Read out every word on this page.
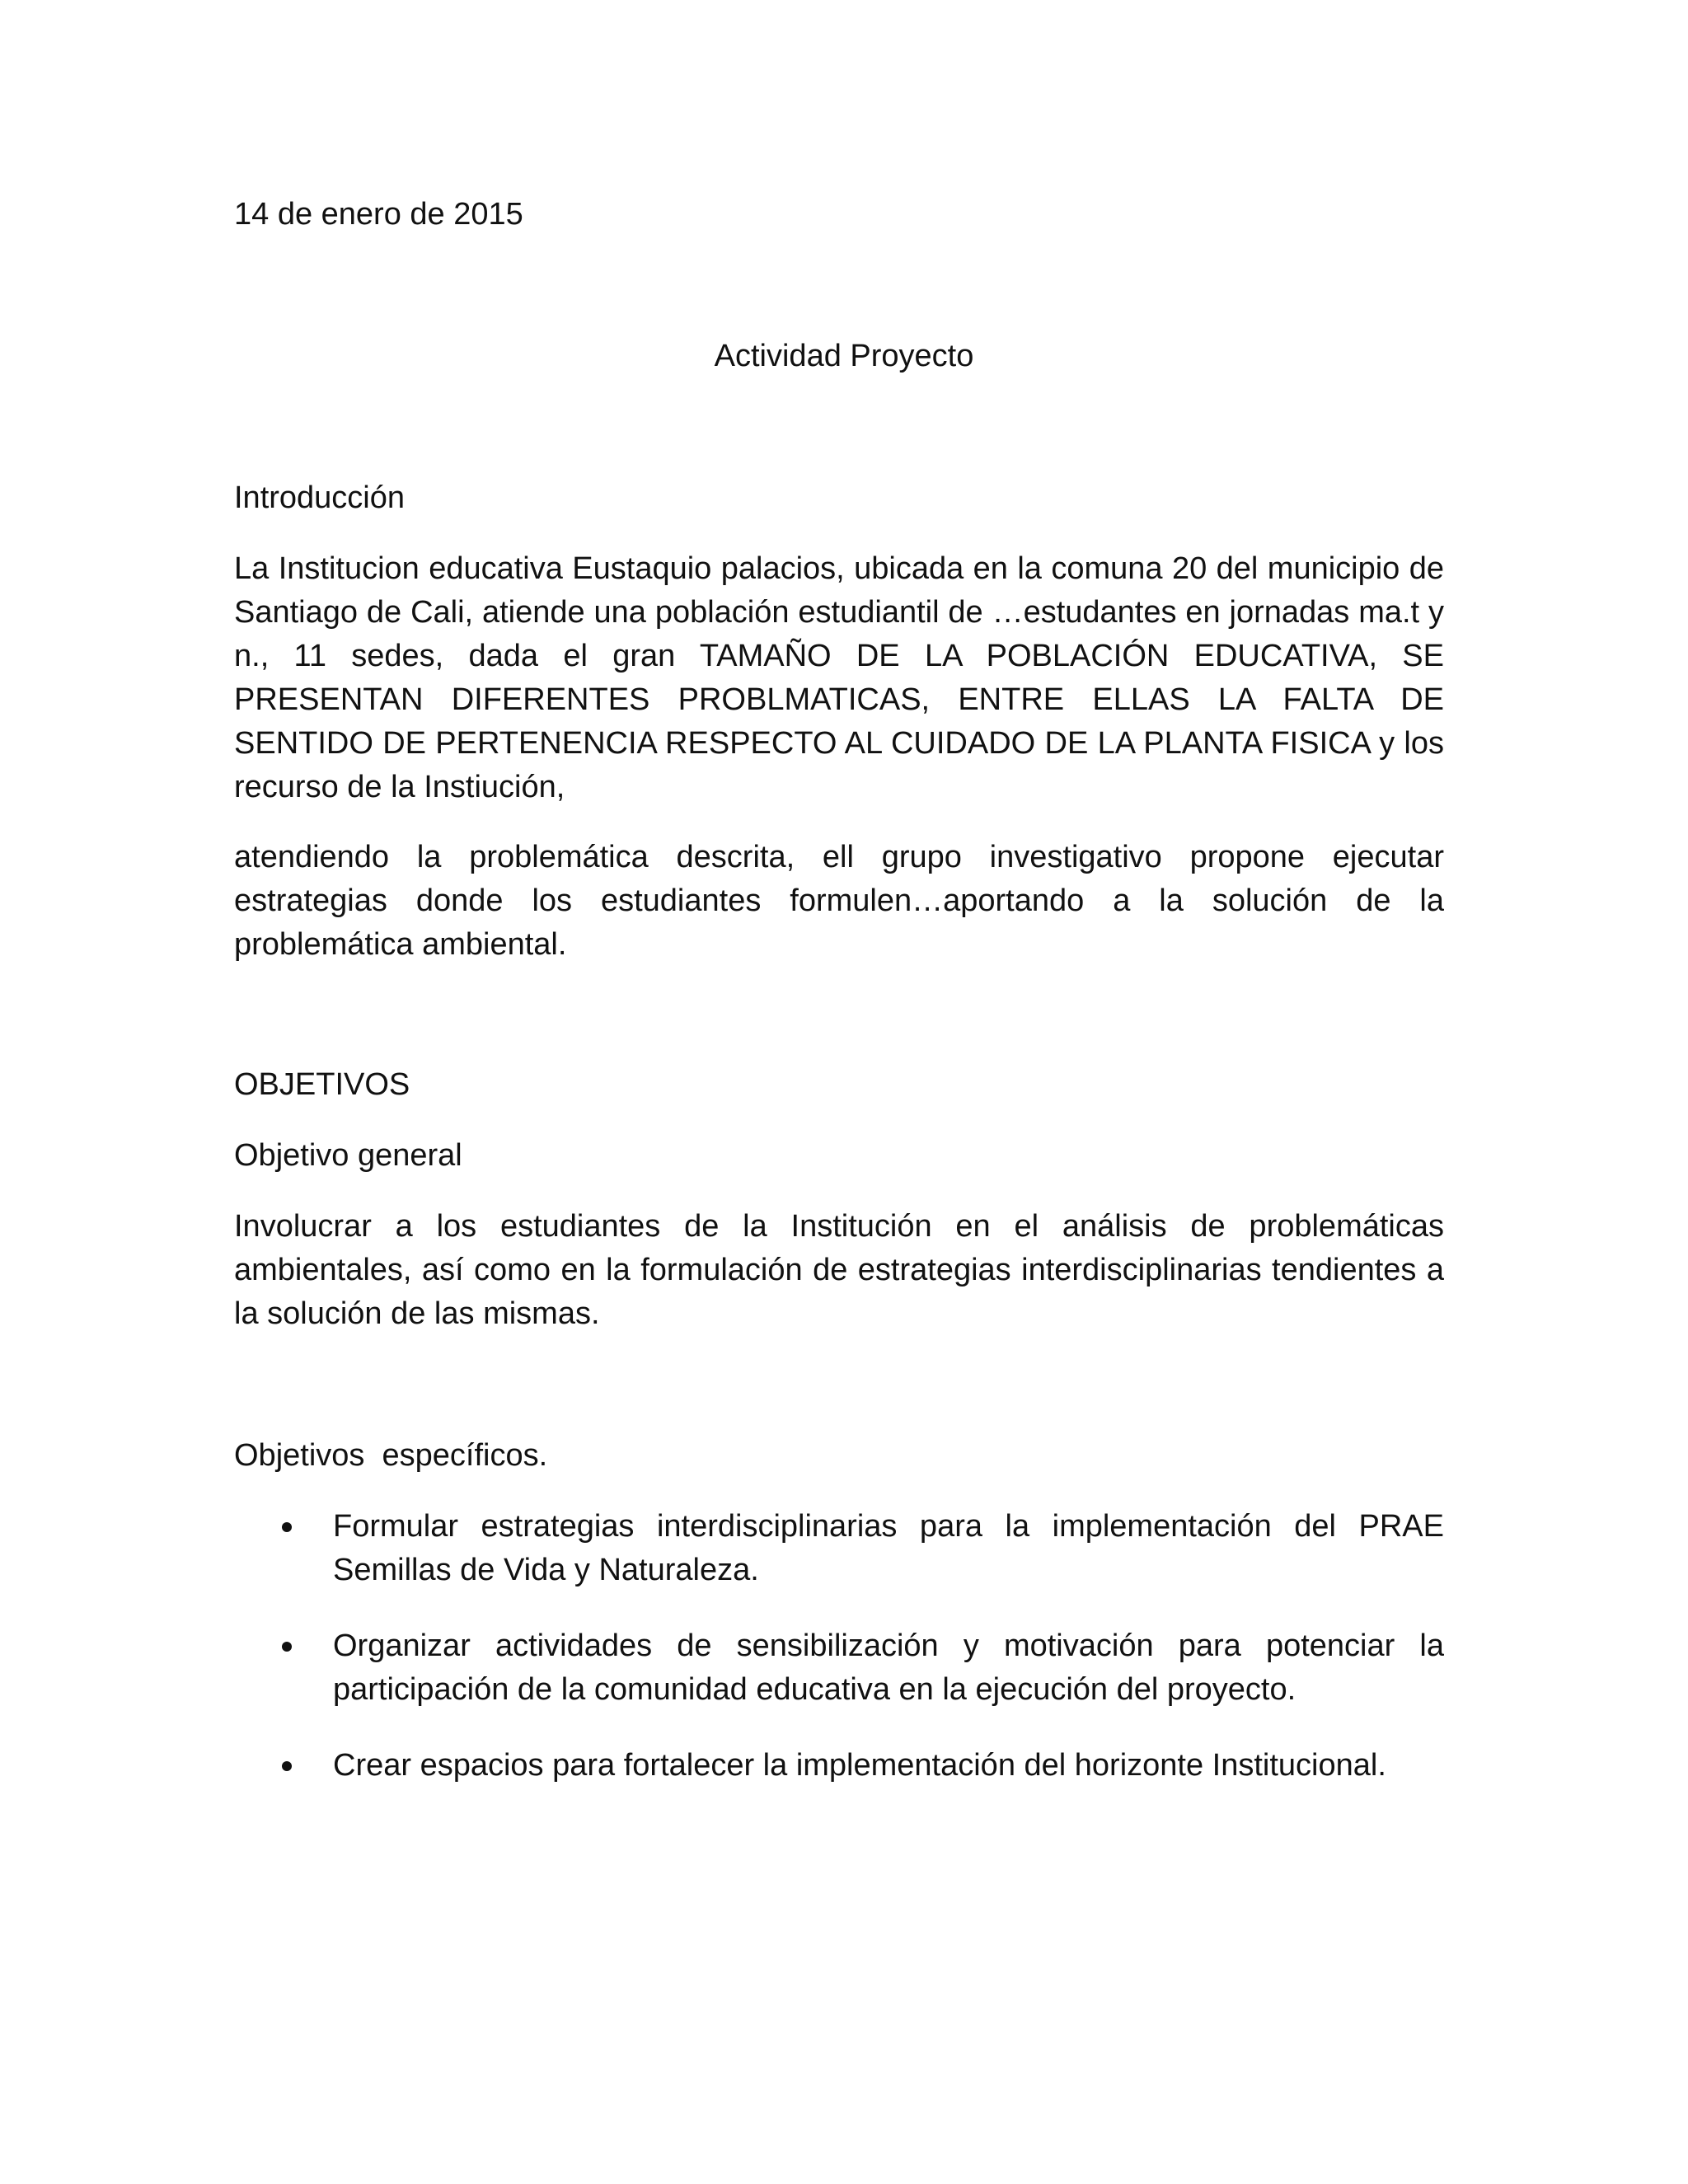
14 de enero de 2015
Actividad Proyecto
Introducción

La Institucion educativa Eustaquio palacios, ubicada en la comuna 20 del municipio de Santiago de Cali, atiende una población estudiantil de …estudantes en jornadas ma.t y n., 11 sedes, dada el gran TAMAÑO DE LA POBLACIÓN EDUCATIVA, SE PRESENTAN DIFERENTES PROBLMATICAS, ENTRE ELLAS LA FALTA DE SENTIDO DE PERTENENCIA RESPECTO AL CUIDADO DE LA PLANTA FISICA y los recurso de la Instiución,

atendiendo la problemática descrita, ell grupo investigativo propone ejecutar estrategias donde los estudiantes formulen…aportando a la solución de la problemática ambiental.

OBJETIVOS
Objetivo general

Involucrar a los estudiantes de la Institución en el análisis de problemáticas ambientales, así como en la formulación de estrategias interdisciplinarias tendientes a la solución de las mismas.

Objetivos  específicos.
Formular estrategias interdisciplinarias para la implementación del PRAE Semillas de Vida y Naturaleza.
Organizar actividades de sensibilización y motivación para potenciar la participación de la comunidad educativa en la ejecución del proyecto.
Crear espacios para fortalecer la implementación del horizonte Institucional.
